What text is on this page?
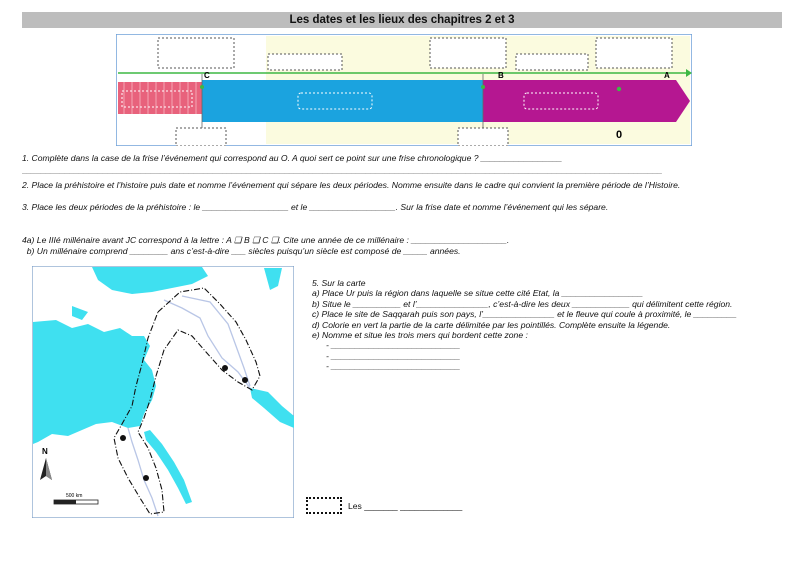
Les dates et les lieux des chapitres 2 et 3
C	B	A
0
1. Complète dans la case de la frise l’événement qui correspond au O. A quoi sert ce point sur une frise chronologique ? _________________
______________________________________________________________________________________________________________________________________
2. Place la préhistoire et l’histoire puis date et nomme l’événement qui sépare les deux périodes. Nomme ensuite dans le cadre qui convient la première période de l’Histoire.
3. Place les deux périodes de la préhistoire : le __________________ et le __________________. Sur la frise date et nomme l’événement qui les sépare.
4a) Le IIIé millénaire avant JC correspond à la lettre : A ❑ B ❑ C ❑. Cite une année de ce millénaire : ____________________.
b) Un millénaire comprend ________ ans c’est-à-dire ___ siècles puisqu’un siècle est composé de _____ années.
N
500 km

5. Sur la carte

a) Place Ur puis la région dans laquelle se situe cette cité Etat, la _________________

b) Situe le __________ et l’_______________, c’est-à-dire les deux ____________ qui délimitent cette région.

c) Place le site de Saqqarah puis son pays, l’_______________ et le fleuve qui coule à proximité, le _________

d) Colorie en vert la partie de la carte délimitée par les pointillés. Complète ensuite la légende.

e) Nomme et situe les trois mers qui bordent cette zone :

- ___________________________

- ___________________________

- ___________________________

Les _______ _____________
